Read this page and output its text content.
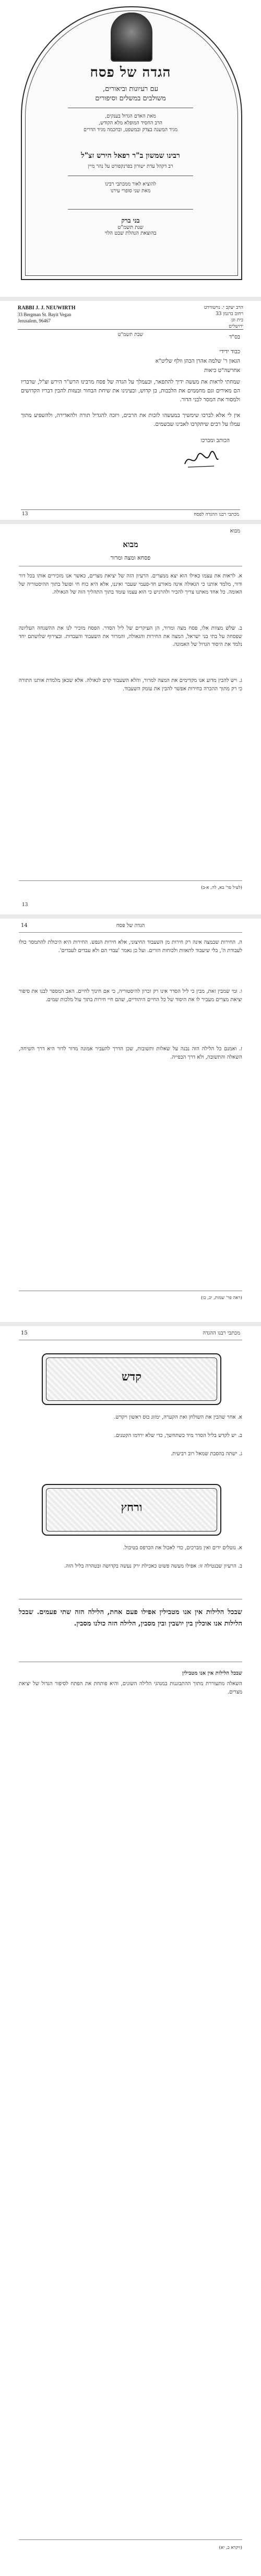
הגדה של פסח
עם רעיונות וביאורים,
משולבים במשלים וסיפורים
מאת האדם הגדול בענקים,
הרב החסיד המופלא מלא הקודש,
מגיד המשנה בצדק ובמשפט, ובחכמה מגיד הדרים
רבינו שמשון ב"ר רפאל הירש זצ"ל
רב דקהל עדת ישורון בפרנקפורט על נהר מיין
להוציא לאור ממכתבי רבינו
מאת שני סופרי עירנו
בני ברק
שנת תשמ"ט
בהוצאת הנהלת שבט הלוי
הרב יעקב י. נוישווירט
רחוב ברגמן 33
בית וגן
ירושלים
RABBI J. J. NEUWIRTH
33 Bergman St. Bayit Vegan
Jerusalem, 96467
שבת תשמ"ט	בס"ד
כבוד ידידי
הגאון ר' שלמה אהרן הכהן וולף שליט"א
אחרשה"ט כיאות
שמחתי לראות את מעשה ידיך להתפאר, ובעמלך על הגדה של פסח מרבינו הרש"ר הירש זצ"ל, שדבריו הם מאירים וגם מחממים את הלבבות, בן קדוש, ובעינינו את שיחת הבחור ובעזות להבין דבריו הקדושים ולמסור את המסר לבני הדור.
אין לי אלא לברכו שימשיך במעשהו לזכות את הרבים, ויזכה להגדיל תורה ולהאדירה, ולהשפיע מתוך עמלו על רבים שיתקרבו לאבינו שבשמים.
הכותב ומברכו
13	מכתבי רבנו ההגדה לפסח
מבוא
מבוא
פסחא ומצה ומרור
א. לראות את עצמו כאילו הוא יצא ממצרים. הרעיון הזה של יציאת מצרים, כאשר אנו מזכירים אותו בכל דור ודור, מלמד אותנו כי הגאולה אינה מאורע חד-פעמי שעבר ואיננו, אלא היא כוח חי ופועל בתוך ההיסטוריה של האומה. כל אחד מאתנו צריך להכיר ולהרגיש כי הוא עצמו עומד בתוך התהליך הזה של הגאולה.
ב. שלש מצוות אלו, פסח מצה ומרור, הן העיקרים של ליל הסדר. הפסח מזכיר לנו את ההשגחה העליונה שפסחה על בתי בני ישראל, המצה את החירות והגאולה, והמרור את השעבוד והעבדות. ובצירוף שלושתם יחד נלמד את היסוד הגדול של האמונה.
ג. ויש להבין מדוע אנו מקדימים את המצה למרור, והלא השעבוד קדם לגאולה. אלא שכאן מלמדת אותנו התורה כי רק מתוך ההכרה בחירות אפשר להבין את עומק השעבוד.
(לעיל פר' בא, לה, א-ב)
13
14	הגדה של פסח
ה. החירות שבמצה אינה רק חירות מן השעבוד החיצוני, אלא חירות הנפש. החירות היא היכולת להתמסר כולו לעבודת ה', בלי שיעבוד לתאוות ולכוחות הזרים. ועל כן נאמר 'עבדי הם ולא עבדים לעבדים'.
ו. ומי שמבין זאת, מבין כי ליל הסדר אינו רק זכרון להיסטוריה, כי אם חינוך לחיים. האב המספר לבנו את סיפור יציאת מצרים מעביר לו את היסוד של כל החיים היהודיים, שהם חיי חירות בתוך עול מלכות שמים.
ז. ואמנם כל הלילה הזה נבנה על שאלות ותשובות, שכן הדרך להעביר אמונה מדור לדור היא דרך השיחה, השאלה והתשובה, ולא דרך הכפייה.
(ראה פר' שמות, יב, כו)
15	מכתבי רבנו ההגדה
קדש
א. אחר שהכין את השולחן ואת הקערה, ימזוג כוס ראשון ויקדש.
ב. יש לקדש בליל הסדר מיד כשתחשך, כדי שלא ירדמו הקטנים.
ג. ישתה בהסבת שמאל רוב רביעית.
ורחץ
א. נוטלים ידים ואין מברכים, כדי לאכול את הכרפס בטיבול.
ב. הרעיון שבנטילה זו: אפילו מעשה פשוט כאכילת ירק נעשה בקדושה ובטהרה בליל הזה.
שבכל הלילות אין אנו מטבילין אפילו פעם אחת, הלילה הזה שתי פעמים. שבכל הלילות אנו אוכלין בין יושבין ובין מסבין, הלילה הזה כולנו מסבין.
שבכל הלילות אין אנו מטבילין
השאלה מתעוררת מתוך ההתבוננות במנהגי הלילה השונים, והיא פותחת את הפתח לסיפור הגדול של יציאת מצרים.
(ויקרא כ, יא)
